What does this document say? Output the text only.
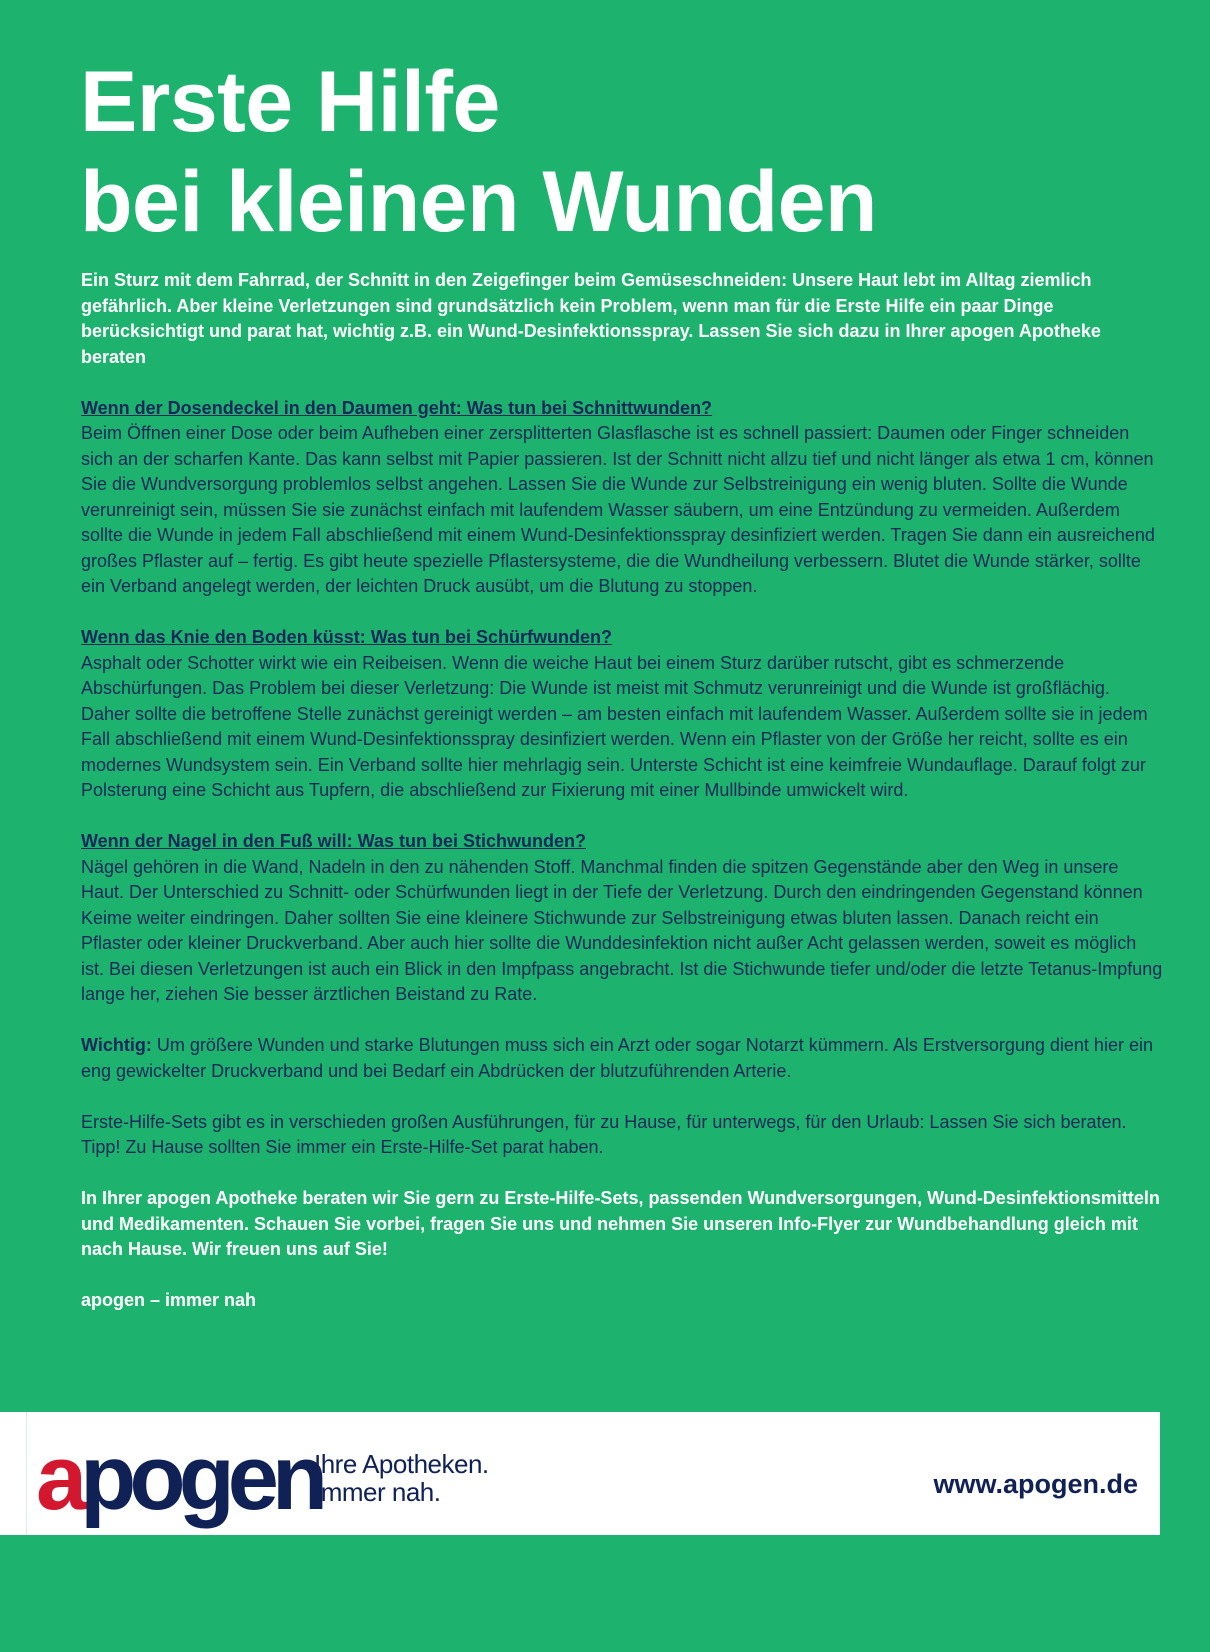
Erste Hilfe
bei kleinen Wunden

Ein Sturz mit dem Fahrrad, der Schnitt in den Zeigefinger beim Gemüseschneiden: Unsere Haut lebt im Alltag ziemlich gefährlich. Aber kleine Verletzungen sind grundsätzlich kein Problem, wenn man für die Erste Hilfe ein paar Dinge berücksichtigt und parat hat, wichtig z.B. ein Wund-Desinfektionsspray. Lassen Sie sich dazu in Ihrer apogen Apotheke beraten

Wenn der Dosendeckel in den Daumen geht: Was tun bei Schnittwunden?
Beim Öffnen einer Dose oder beim Aufheben einer zersplitterten Glasflasche ist es schnell passiert: Daumen oder Finger schneiden sich an der scharfen Kante. Das kann selbst mit Papier passieren. Ist der Schnitt nicht allzu tief und nicht länger als etwa 1 cm, können Sie die Wundversorgung problemlos selbst angehen. Lassen Sie die Wunde zur Selbstreinigung ein wenig bluten. Sollte die Wunde verunreinigt sein, müssen Sie sie zunächst einfach mit laufendem Wasser säubern, um eine Entzündung zu vermeiden. Außerdem sollte die Wunde in jedem Fall abschließend mit einem Wund-Desinfektionsspray desinfiziert werden. Tragen Sie dann ein ausreichend großes Pflaster auf – fertig. Es gibt heute spezielle Pflastersysteme, die die Wundheilung verbessern. Blutet die Wunde stärker, sollte ein Verband angelegt werden, der leichten Druck ausübt, um die Blutung zu stoppen.
Wenn das Knie den Boden küsst: Was tun bei Schürfwunden?
Asphalt oder Schotter wirkt wie ein Reibeisen. Wenn die weiche Haut bei einem Sturz darüber rutscht, gibt es schmerzende Abschürfungen. Das Problem bei dieser Verletzung: Die Wunde ist meist mit Schmutz verunreinigt und die Wunde ist großflächig. Daher sollte die betroffene Stelle zunächst gereinigt werden – am besten einfach mit laufendem Wasser. Außerdem sollte sie in jedem Fall abschließend mit einem Wund-Desinfektionsspray desinfiziert werden. Wenn ein Pflaster von der Größe her reicht, sollte es ein modernes Wundsystem sein. Ein Verband sollte hier mehrlagig sein. Unterste Schicht ist eine keimfreie Wundauflage. Darauf folgt zur Polsterung eine Schicht aus Tupfern, die abschließend zur Fixierung mit einer Mullbinde umwickelt wird.
Wenn der Nagel in den Fuß will: Was tun bei Stichwunden?
Nägel gehören in die Wand, Nadeln in den zu nähenden Stoff. Manchmal finden die spitzen Gegenstände aber den Weg in unsere Haut. Der Unterschied zu Schnitt- oder Schürfwunden liegt in der Tiefe der Verletzung. Durch den eindringenden Gegenstand können Keime weiter eindringen. Daher sollten Sie eine kleinere Stichwunde zur Selbstreinigung etwas bluten lassen. Danach reicht ein Pflaster oder kleiner Druckverband. Aber auch hier sollte die Wunddesinfektion nicht außer Acht gelassen werden, soweit es möglich ist. Bei diesen Verletzungen ist auch ein Blick in den Impfpass angebracht. Ist die Stichwunde tiefer und/oder die letzte Tetanus-Impfung lange her, ziehen Sie besser ärztlichen Beistand zu Rate.

Wichtig: Um größere Wunden und starke Blutungen muss sich ein Arzt oder sogar Notarzt kümmern. Als Erstversorgung dient hier ein eng gewickelter Druckverband und bei Bedarf ein Abdrücken der blutzuführenden Arterie.

Erste-Hilfe-Sets gibt es in verschieden großen Ausführungen, für zu Hause, für unterwegs, für den Urlaub: Lassen Sie sich beraten. Tipp! Zu Hause sollten Sie immer ein Erste-Hilfe-Set parat haben.

In Ihrer apogen Apotheke beraten wir Sie gern zu Erste-Hilfe-Sets, passenden Wundversorgungen, Wund-Desinfektionsmitteln und Medikamenten. Schauen Sie vorbei, fragen Sie uns und nehmen Sie unseren Info-Flyer zur Wundbehandlung gleich mit nach Hause. Wir freuen uns auf Sie!

apogen – immer nah

apogen
Ihre Apotheken.
Immer nah.	www.apogen.de
